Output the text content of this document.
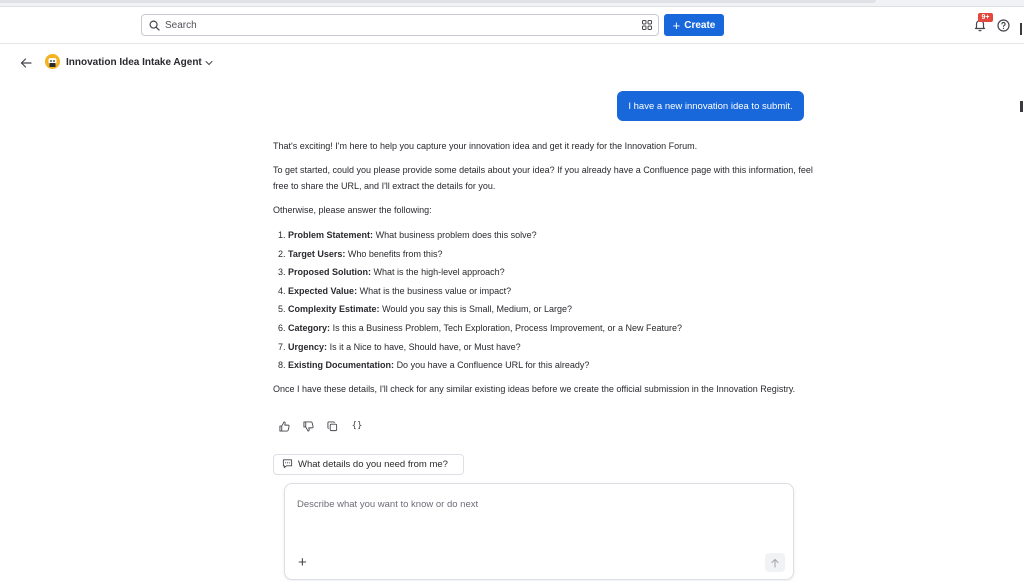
Search	+ Create
9+
Innovation Idea Intake Agent
I have a new innovation idea to submit.

That's exciting! I'm here to help you capture your innovation idea and get it ready for the Innovation Forum.

To get started, could you please provide some details about your idea? If you already have a Confluence page with this information, feel free to share the URL, and I'll extract the details for you.

Otherwise, please answer the following:

1. Problem Statement: What business problem does this solve?
2. Target Users: Who benefits from this?
3. Proposed Solution: What is the high-level approach?
4. Expected Value: What is the business value or impact?
5. Complexity Estimate: Would you say this is Small, Medium, or Large?
6. Category: Is this a Business Problem, Tech Exploration, Process Improvement, or a New Feature?
7. Urgency: Is it a Nice to have, Should have, or Must have?
8. Existing Documentation: Do you have a Confluence URL for this already?

Once I have these details, I'll check for any similar existing ideas before we create the official submission in the Innovation Registry.

{}
What details do you need from me?
Describe what you want to know or do next
+
